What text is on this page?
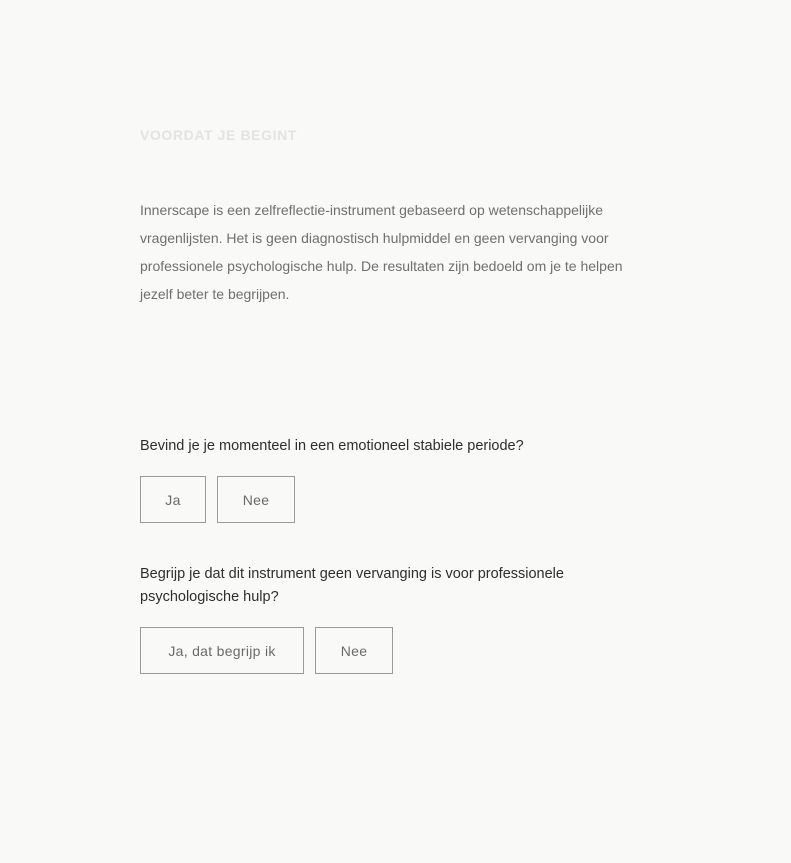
VOORDAT JE BEGINT

Innerscape is een zelfreflectie-instrument gebaseerd op wetenschappelijke vragenlijsten. Het is geen diagnostisch hulpmiddel en geen vervanging voor professionele psychologische hulp. De resultaten zijn bedoeld om je te helpen jezelf beter te begrijpen.

Bevind je je momenteel in een emotioneel stabiele periode?

Ja	Nee

Begrijp je dat dit instrument geen vervanging is voor professionele psychologische hulp?

Ja, dat begrijp ik	Nee
